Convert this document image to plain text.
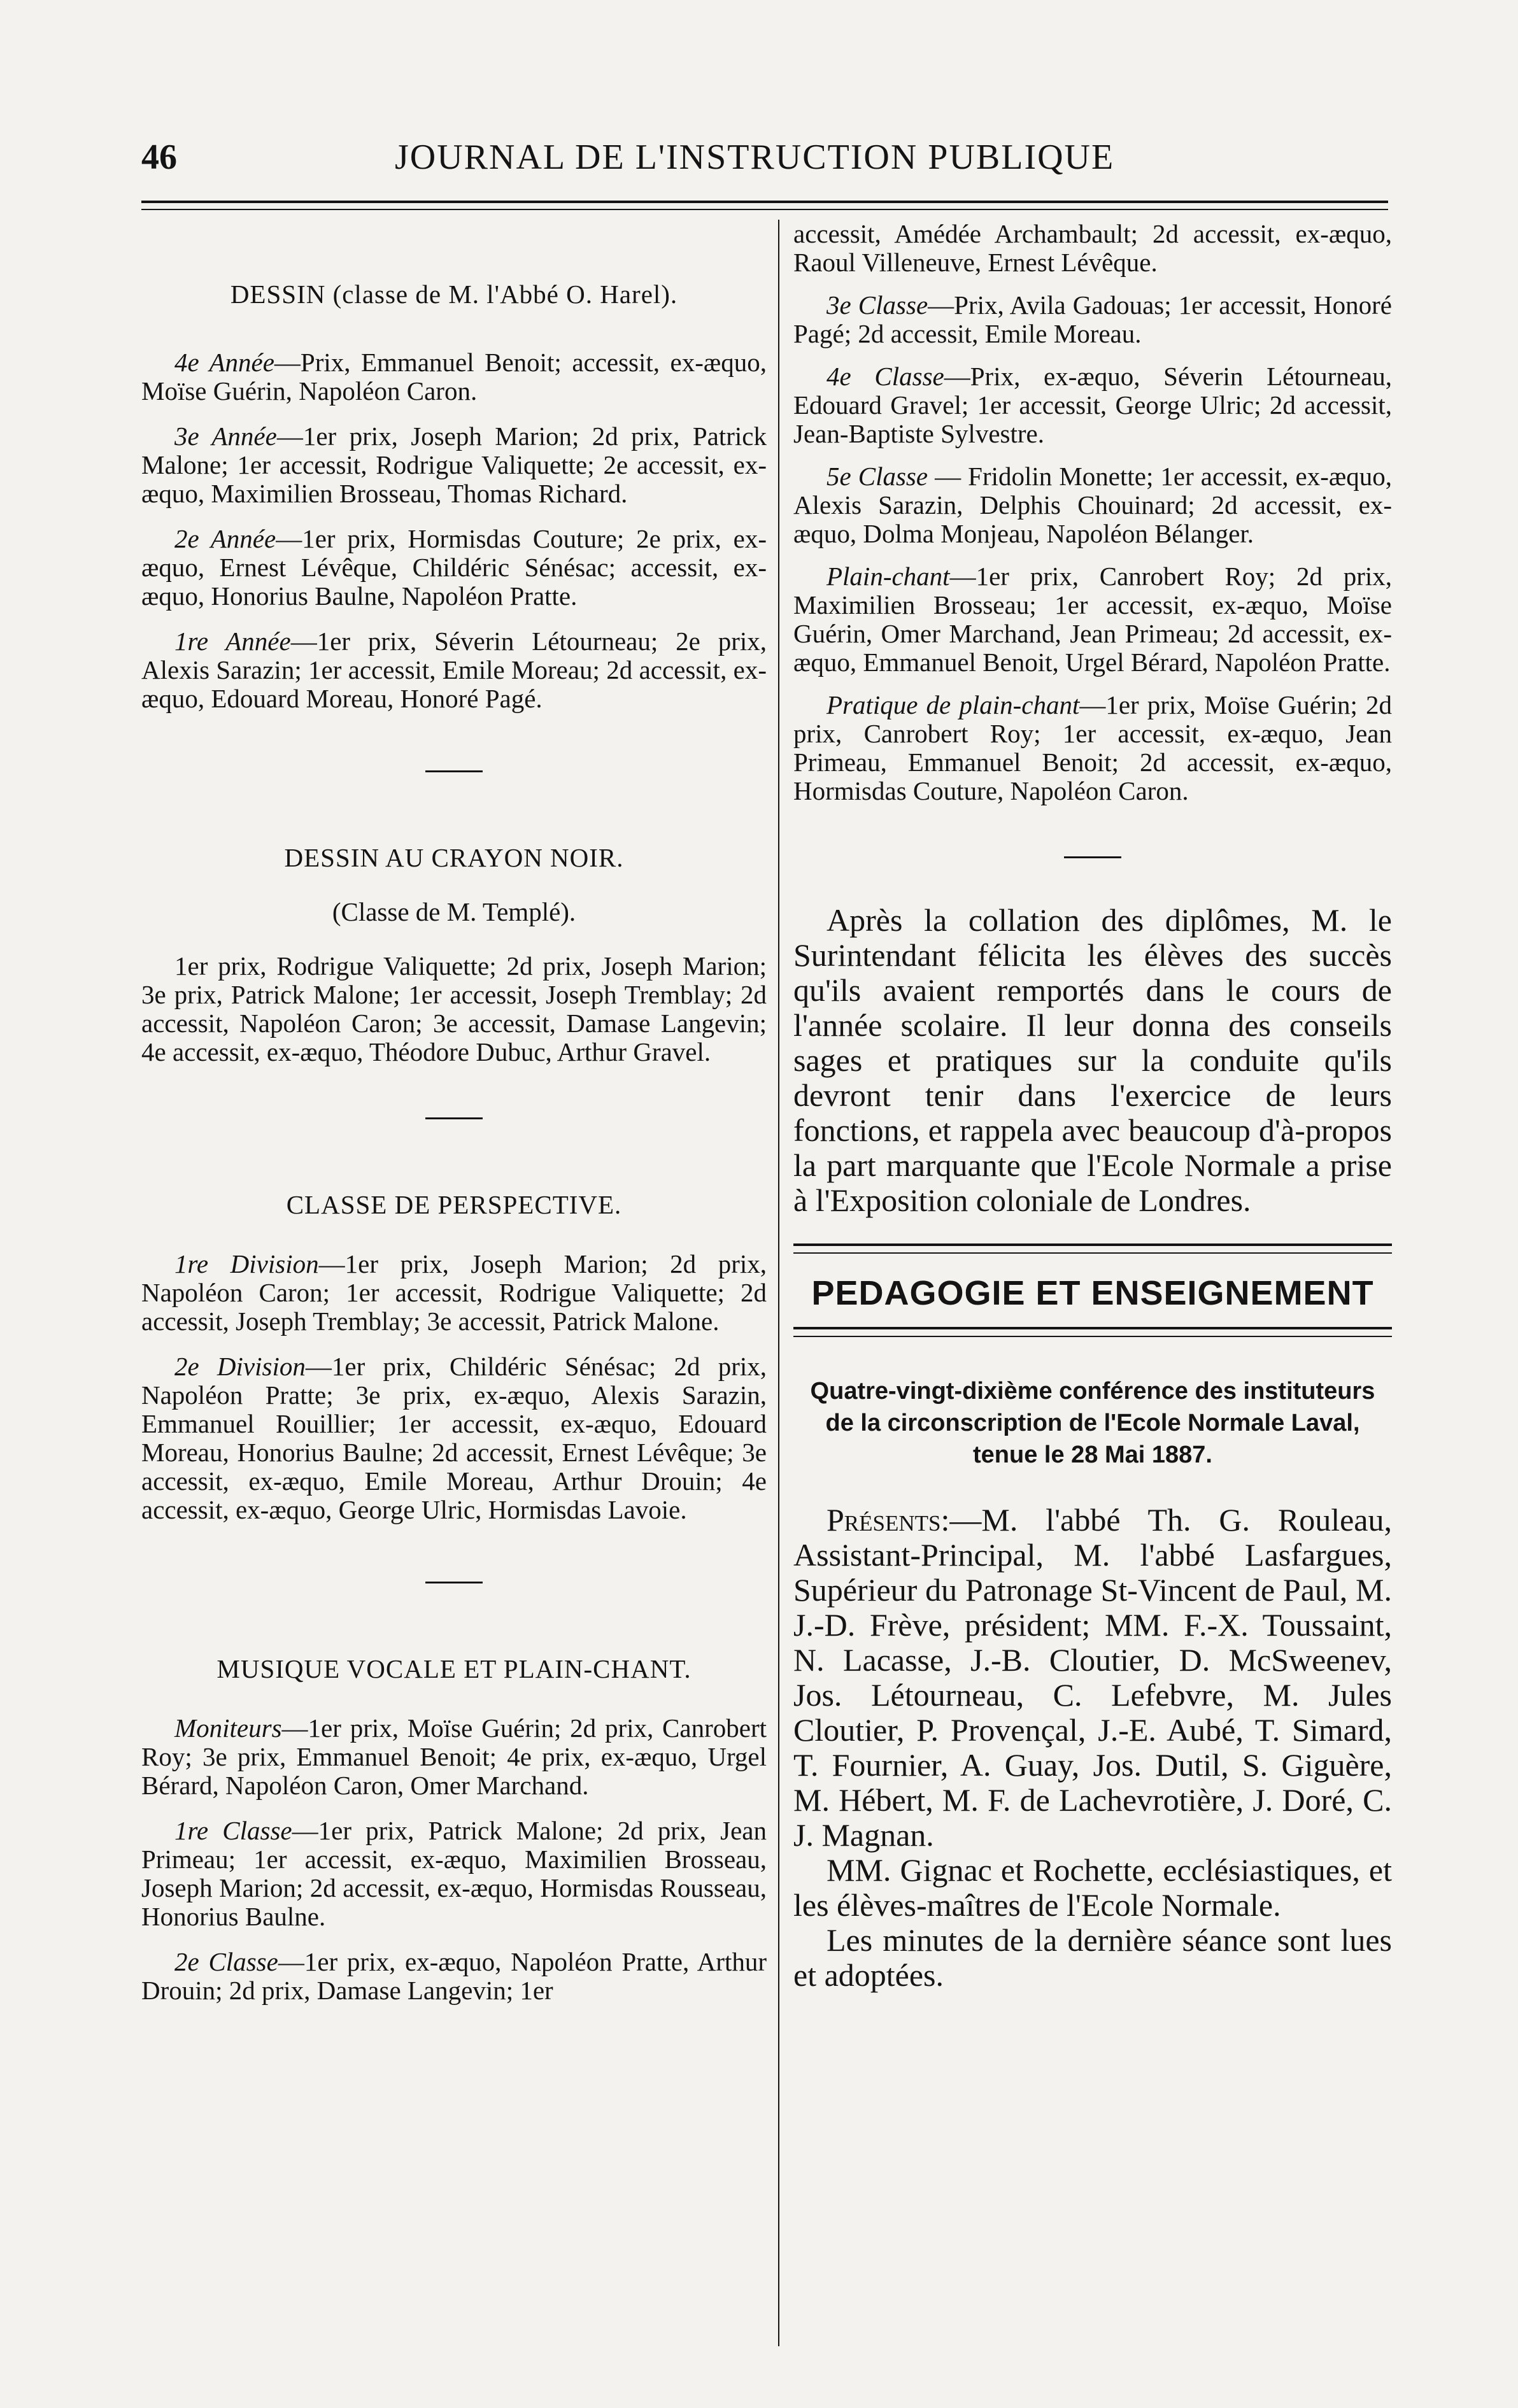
46	JOURNAL DE L'INSTRUCTION PUBLIQUE

DESSIN (classe de M. l'Abbé O. Harel).

4e Année—Prix, Emmanuel Benoit; accessit, ex-æquo, Moïse Guérin, Napoléon Caron.

3e Année—1er prix, Joseph Marion; 2d prix, Patrick Malone; 1er accessit, Rodrigue Valiquette; 2e accessit, ex-æquo, Maximilien Brosseau, Thomas Richard.

2e Année—1er prix, Hormisdas Couture; 2e prix, ex-æquo, Ernest Lévêque, Childéric Sénésac; accessit, ex-æquo, Honorius Baulne, Napoléon Pratte.

1re Année—1er prix, Séverin Létourneau; 2e prix, Alexis Sarazin; 1er accessit, Emile Moreau; 2d accessit, ex-æquo, Edouard Moreau, Honoré Pagé.

DESSIN AU CRAYON NOIR.

(Classe de M. Templé).

1er prix, Rodrigue Valiquette; 2d prix, Joseph Marion; 3e prix, Patrick Malone; 1er accessit, Joseph Tremblay; 2d accessit, Napoléon Caron; 3e accessit, Damase Langevin; 4e accessit, ex-æquo, Théodore Dubuc, Arthur Gravel.

CLASSE DE PERSPECTIVE.

1re Division—1er prix, Joseph Marion; 2d prix, Napoléon Caron; 1er accessit, Rodrigue Valiquette; 2d accessit, Joseph Tremblay; 3e accessit, Patrick Malone.

2e Division—1er prix, Childéric Sénésac; 2d prix, Napoléon Pratte; 3e prix, ex-æquo, Alexis Sarazin, Emmanuel Rouillier; 1er accessit, ex-æquo, Edouard Moreau, Honorius Baulne; 2d accessit, Ernest Lévêque; 3e accessit, ex-æquo, Emile Moreau, Arthur Drouin; 4e accessit, ex-æquo, George Ulric, Hormisdas Lavoie.

MUSIQUE VOCALE ET PLAIN-CHANT.

Moniteurs—1er prix, Moïse Guérin; 2d prix, Canrobert Roy; 3e prix, Emmanuel Benoit; 4e prix, ex-æquo, Urgel Bérard, Napoléon Caron, Omer Marchand.

1re Classe—1er prix, Patrick Malone; 2d prix, Jean Primeau; 1er accessit, ex-æquo, Maximilien Brosseau, Joseph Marion; 2d accessit, ex-æquo, Hormisdas Rousseau, Honorius Baulne.

2e Classe—1er prix, ex-æquo, Napoléon Pratte, Arthur Drouin; 2d prix, Damase Langevin; 1er

accessit, Amédée Archambault; 2d accessit, ex-æquo, Raoul Villeneuve, Ernest Lévêque.

3e Classe—Prix, Avila Gadouas; 1er accessit, Honoré Pagé; 2d accessit, Emile Moreau.

4e Classe—Prix, ex-æquo, Séverin Létourneau, Edouard Gravel; 1er accessit, George Ulric; 2d accessit, Jean-Baptiste Sylvestre.

5e Classe — Fridolin Monette; 1er accessit, ex-æquo, Alexis Sarazin, Delphis Chouinard; 2d accessit, ex-æquo, Dolma Monjeau, Napoléon Bélanger.

Plain-chant—1er prix, Canrobert Roy; 2d prix, Maximilien Brosseau; 1er accessit, ex-æquo, Moïse Guérin, Omer Marchand, Jean Primeau; 2d accessit, ex-æquo, Emmanuel Benoit, Urgel Bérard, Napoléon Pratte.

Pratique de plain-chant—1er prix, Moïse Guérin; 2d prix, Canrobert Roy; 1er accessit, ex-æquo, Jean Primeau, Emmanuel Benoit; 2d accessit, ex-æquo, Hormisdas Couture, Napoléon Caron.

Après la collation des diplômes, M. le Surintendant félicita les élèves des succès qu'ils avaient remportés dans le cours de l'année scolaire. Il leur donna des conseils sages et pratiques sur la conduite qu'ils devront tenir dans l'exercice de leurs fonctions, et rappela avec beaucoup d'à-propos la part marquante que l'Ecole Normale a prise à l'Exposition coloniale de Londres.

PEDAGOGIE ET ENSEIGNEMENT

Quatre-vingt-dixième conférence des instituteurs de la circonscription de l'Ecole Normale Laval, tenue le 28 Mai 1887.

Présents:—M. l'abbé Th. G. Rouleau, Assistant-Principal, M. l'abbé Lasfargues, Supérieur du Patronage St-Vincent de Paul, M. J.-D. Frève, président; MM. F.-X. Toussaint, N. Lacasse, J.-B. Cloutier, D. McSweenev, Jos. Létourneau, C. Lefebvre, M. Jules Cloutier, P. Provençal, J.-E. Aubé, T. Simard, T. Fournier, A. Guay, Jos. Dutil, S. Giguère, M. Hébert, M. F. de Lachevrotière, J. Doré, C. J. Magnan.

MM. Gignac et Rochette, ecclésiastiques, et les élèves-maîtres de l'Ecole Normale.

Les minutes de la dernière séance sont lues et adoptées.
